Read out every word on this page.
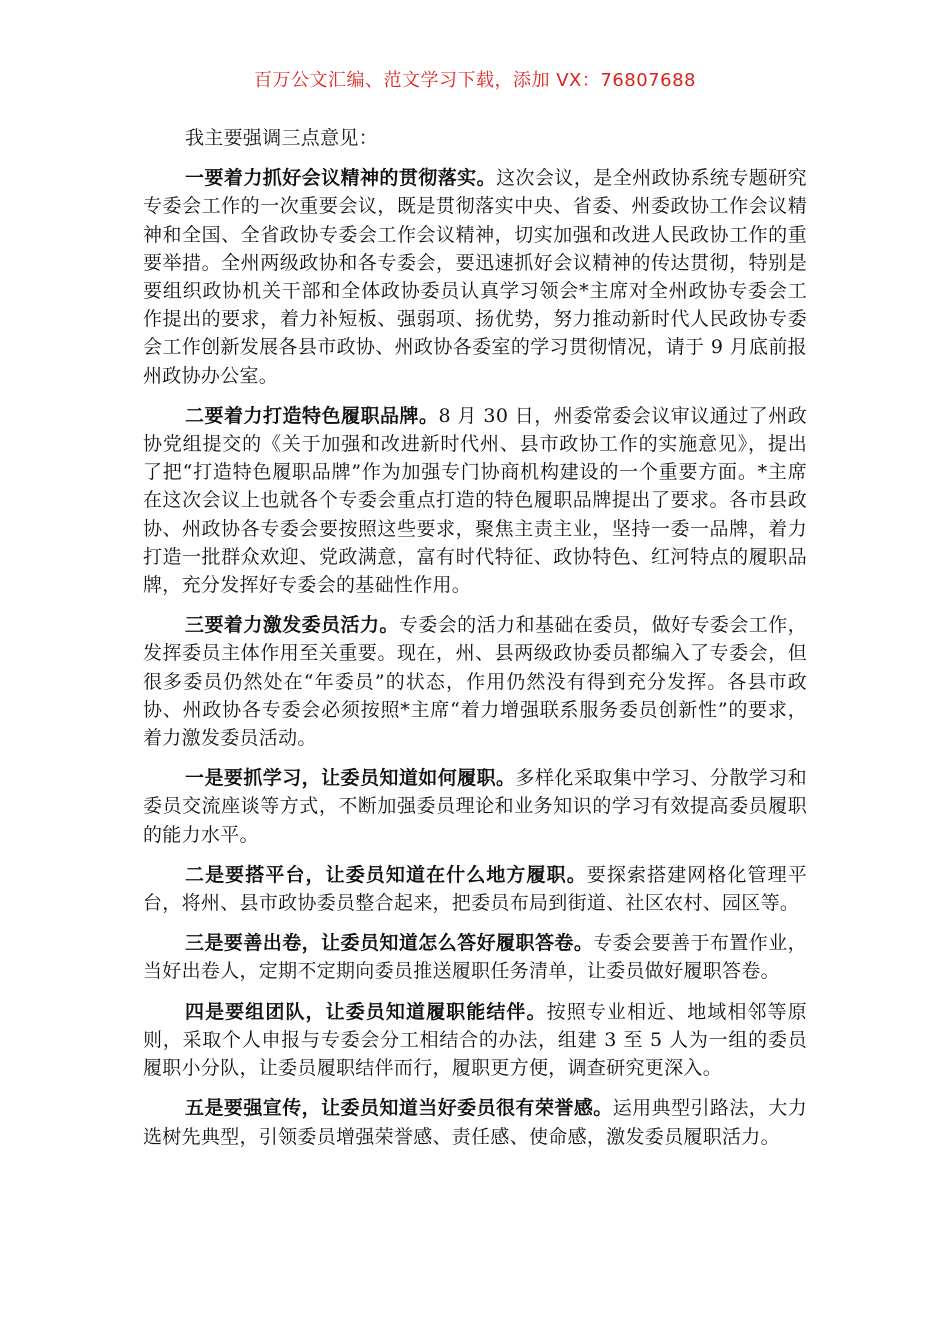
百万公文汇编、范文学习下载，添加 VX：76807688

我主要强调三点意见：

一要着力抓好会议精神的贯彻落实。这次会议，是全州政协系统专题研究专委会工作的一次重要会议，既是贯彻落实中央、省委、州委政协工作会议精神和全国、全省政协专委会工作会议精神，切实加强和改进人民政协工作的重要举措。全州两级政协和各专委会，要迅速抓好会议精神的传达贯彻，特别是要组织政协机关干部和全体政协委员认真学习领会*主席对全州政协专委会工作提出的要求，着力补短板、强弱项、扬优势，努力推动新时代人民政协专委会工作创新发展各县市政协、州政协各委室的学习贯彻情况，请于 9 月底前报州政协办公室。

二要着力打造特色履职品牌。8 月 30 日，州委常委会议审议通过了州政协党组提交的《关于加强和改进新时代州、县市政协工作的实施意见》，提出了把“打造特色履职品牌”作为加强专门协商机构建设的一个重要方面。*主席在这次会议上也就各个专委会重点打造的特色履职品牌提出了要求。各市县政协、州政协各专委会要按照这些要求，聚焦主责主业，坚持一委一品牌，着力打造一批群众欢迎、党政满意，富有时代特征、政协特色、红河特点的履职品牌，充分发挥好专委会的基础性作用。

三要着力激发委员活力。专委会的活力和基础在委员，做好专委会工作，发挥委员主体作用至关重要。现在，州、县两级政协委员都编入了专委会，但很多委员仍然处在“年委员”的状态，作用仍然没有得到充分发挥。各县市政协、州政协各专委会必须按照*主席“着力增强联系服务委员创新性”的要求，着力激发委员活动。

一是要抓学习，让委员知道如何履职。多样化采取集中学习、分散学习和委员交流座谈等方式，不断加强委员理论和业务知识的学习有效提高委员履职的能力水平。

二是要搭平台，让委员知道在什么地方履职。要探索搭建网格化管理平台，将州、县市政协委员整合起来，把委员布局到街道、社区农村、园区等。

三是要善出卷，让委员知道怎么答好履职答卷。专委会要善于布置作业，当好出卷人，定期不定期向委员推送履职任务清单，让委员做好履职答卷。

四是要组团队，让委员知道履职能结伴。按照专业相近、地域相邻等原则，采取个人申报与专委会分工相结合的办法，组建 3 至 5 人为一组的委员履职小分队，让委员履职结伴而行，履职更方便，调查研究更深入。

五是要强宣传，让委员知道当好委员很有荣誉感。运用典型引路法，大力选树先典型，引领委员增强荣誉感、责任感、使命感，激发委员履职活力。
